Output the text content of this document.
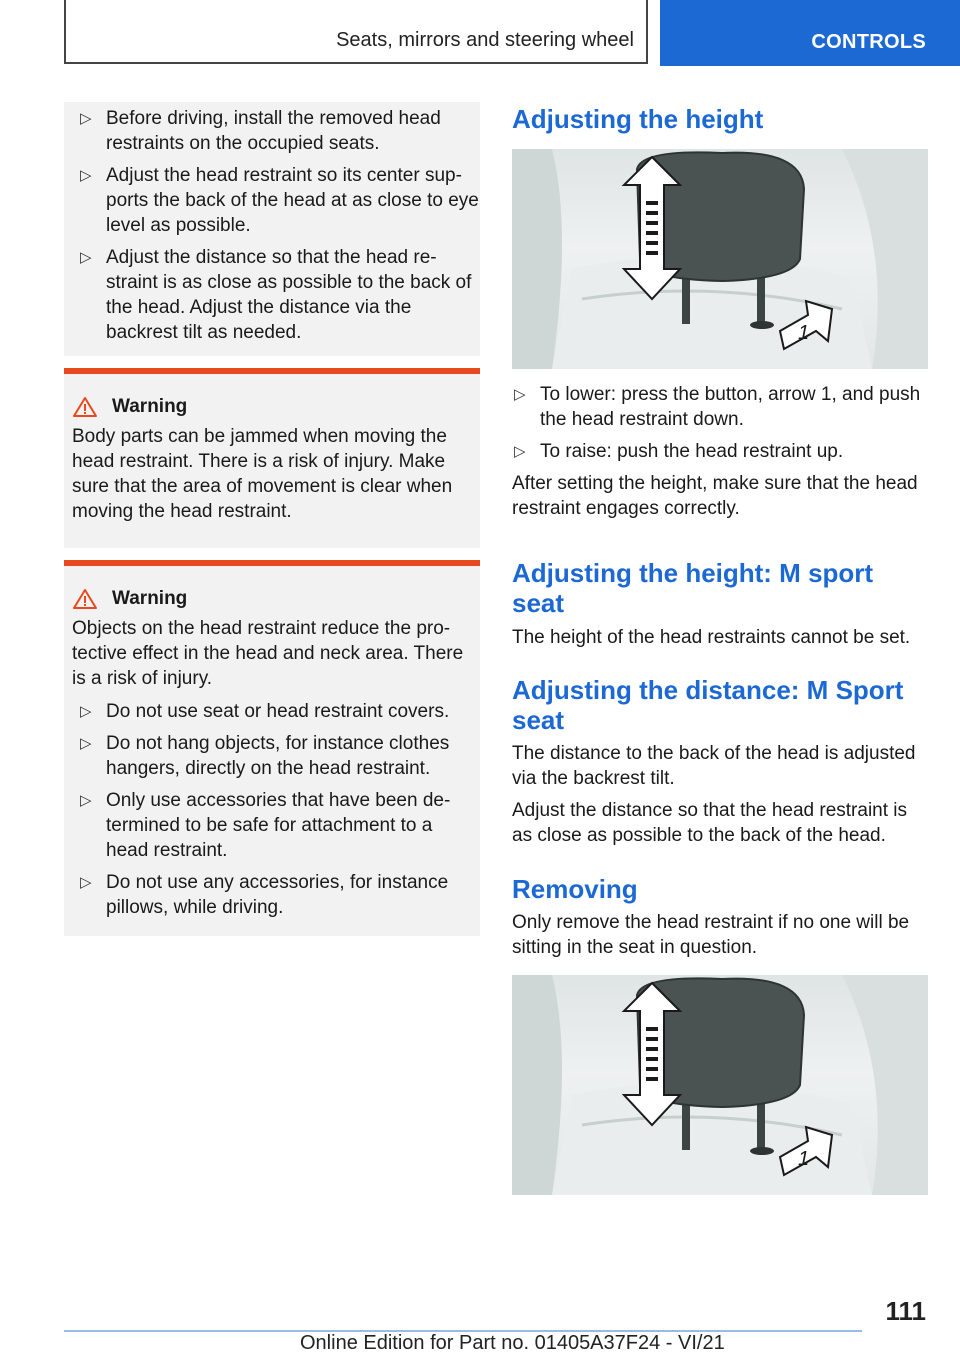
Seats, mirrors and steering wheel	CONTROLS
▷ Before driving, install the removed head restraints on the occupied seats.
▷ Adjust the head restraint so its center sup-ports the back of the head at as close to eye level as possible.
▷ Adjust the distance so that the head re-straint is as close as possible to the back of the head. Adjust the distance via the backrest tilt as needed.
Warning
Body parts can be jammed when moving the head restraint. There is a risk of injury. Make sure that the area of movement is clear when moving the head restraint.
Warning
Objects on the head restraint reduce the pro-tective effect in the head and neck area. There is a risk of injury.
▷ Do not use seat or head restraint covers.
▷ Do not hang objects, for instance clothes hangers, directly on the head restraint.
▷ Only use accessories that have been de-termined to be safe for attachment to a head restraint.
▷ Do not use any accessories, for instance pillows, while driving.
Adjusting the height
1
▷ To lower: press the button, arrow 1, and push the head restraint down.
▷ To raise: push the head restraint up.
After setting the height, make sure that the head restraint engages correctly.
Adjusting the height: M sport seat
The height of the head restraints cannot be set.
Adjusting the distance: M Sport seat
The distance to the back of the head is adjusted via the backrest tilt.
Adjust the distance so that the head restraint is as close as possible to the back of the head.
Removing
Only remove the head restraint if no one will be sitting in the seat in question.
1
111
Online Edition for Part no. 01405A37F24 - VI/21
